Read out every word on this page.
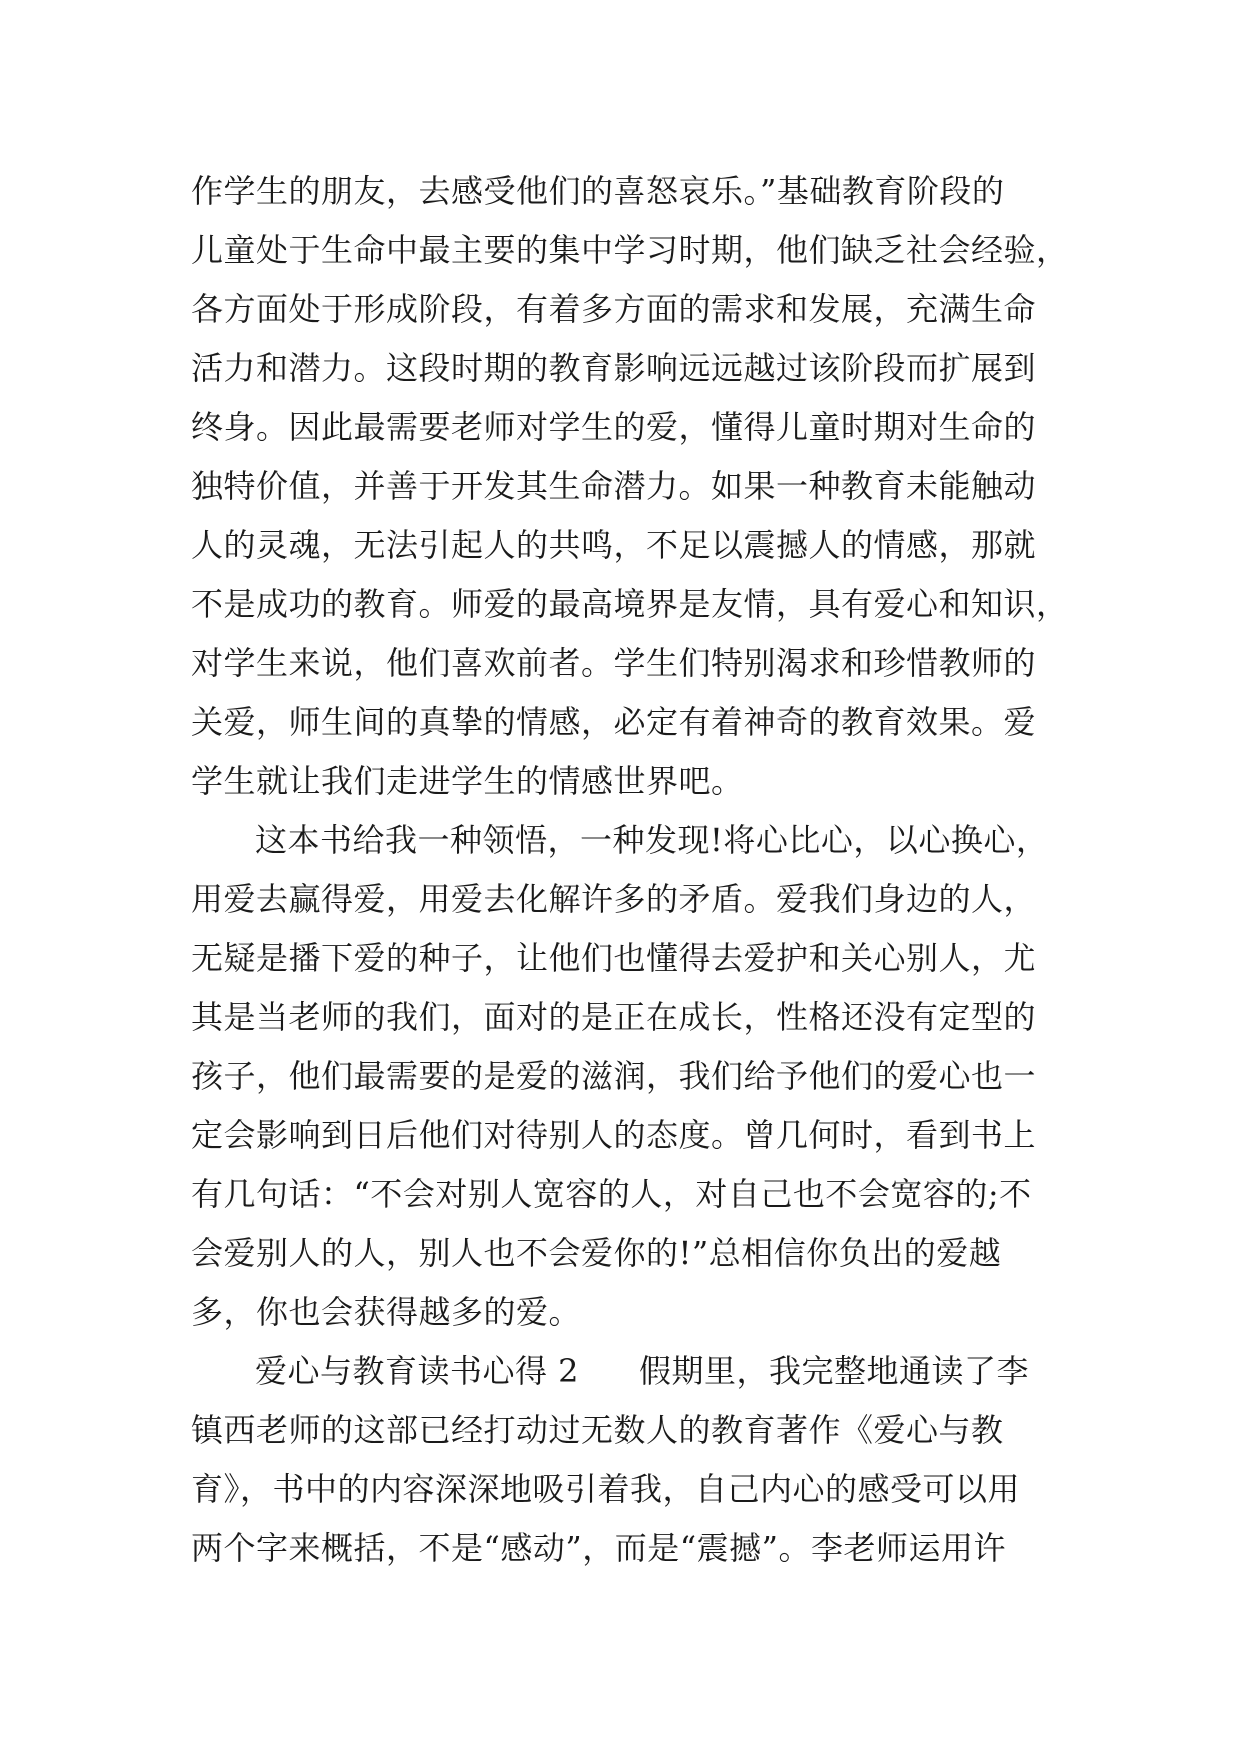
作学生的朋友，去感受他们的喜怒哀乐。”基础教育阶段的
儿童处于生命中最主要的集中学习时期，他们缺乏社会经验，
各方面处于形成阶段，有着多方面的需求和发展，充满生命
活力和潜力。这段时期的教育影响远远越过该阶段而扩展到
终身。因此最需要老师对学生的爱，懂得儿童时期对生命的
独特价值，并善于开发其生命潜力。如果一种教育未能触动
人的灵魂，无法引起人的共鸣，不足以震撼人的情感，那就
不是成功的教育。师爱的最高境界是友情，具有爱心和知识，
对学生来说，他们喜欢前者。学生们特别渴求和珍惜教师的
关爱，师生间的真挚的情感，必定有着神奇的教育效果。爱
学生就让我们走进学生的情感世界吧。
这本书给我一种领悟，一种发现!将心比心，以心换心，
用爱去赢得爱，用爱去化解许多的矛盾。爱我们身边的人，
无疑是播下爱的种子，让他们也懂得去爱护和关心别人，尤
其是当老师的我们，面对的是正在成长，性格还没有定型的
孩子，他们最需要的是爱的滋润，我们给予他们的爱心也一
定会影响到日后他们对待别人的态度。曾几何时，看到书上
有几句话：“不会对别人宽容的人，对自己也不会宽容的;不
会爱别人的人，别人也不会爱你的!”总相信你负出的爱越
多，你也会获得越多的爱。
爱心与教育读书心得 2 假期里，我完整地通读了李
镇西老师的这部已经打动过无数人的教育著作《爱心与教
育》，书中的内容深深地吸引着我，自己内心的感受可以用
两个字来概括，不是“感动”，而是“震撼”。李老师运用许
